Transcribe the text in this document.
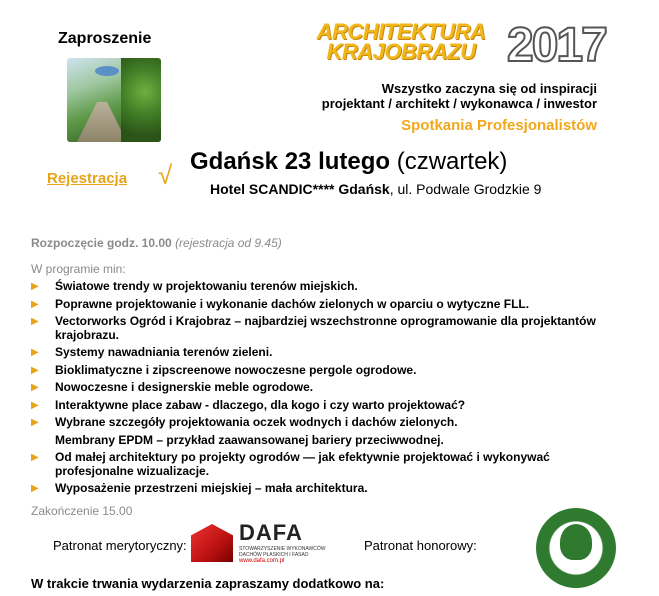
Zaproszenie	ARCHITEKTURA
KRAJOBRAZU 2017
Wszystko zaczyna się od inspiracji
projektant / architekt / wykonawca / inwestor
Spotkania Profesjonalistów
Rejestracja √ Gdańsk 23 lutego (czwartek)
Hotel SCANDIC**** Gdańsk, ul. Podwale Grodzkie 9
Rozpoczęcie godz. 10.00 (rejestracja od 9.45)
W programie min:
▶ Światowe trendy w projektowaniu terenów miejskich.
▶ Poprawne projektowanie i wykonanie dachów zielonych w oparciu o wytyczne FLL.
▶ Vectorworks Ogród i Krajobraz – najbardziej wszechstronne oprogramowanie dla projektantów krajobrazu.
▶ Systemy nawadniania terenów zieleni.
▶ Bioklimatyczne i zipscreenowe nowoczesne pergole ogrodowe.
▶ Nowoczesne i designerskie meble ogrodowe.
▶ Interaktywne place zabaw - dlaczego, dla kogo i czy warto projektować?
▶ Wybrane szczegóły projektowania oczek wodnych i dachów zielonych.
Membrany EPDM – przykład zaawansowanej bariery przeciwwodnej.
▶ Od małej architektury po projekty ogrodów — jak efektywnie projektować i wykonywać profesjonalne wizualizacje.
▶ Wyposażenie przestrzeni miejskiej – mała architektura.
Zakończenie 15.00
Patronat merytoryczny:
DAFA
STOWARZYSZENIE WYKONAWCÓW DACHÓW PŁASKICH I FASAD
www.dafa.com.pl
Patronat honorowy:
OSTO
W trakcie trwania wydarzenia zapraszamy dodatkowo na:
